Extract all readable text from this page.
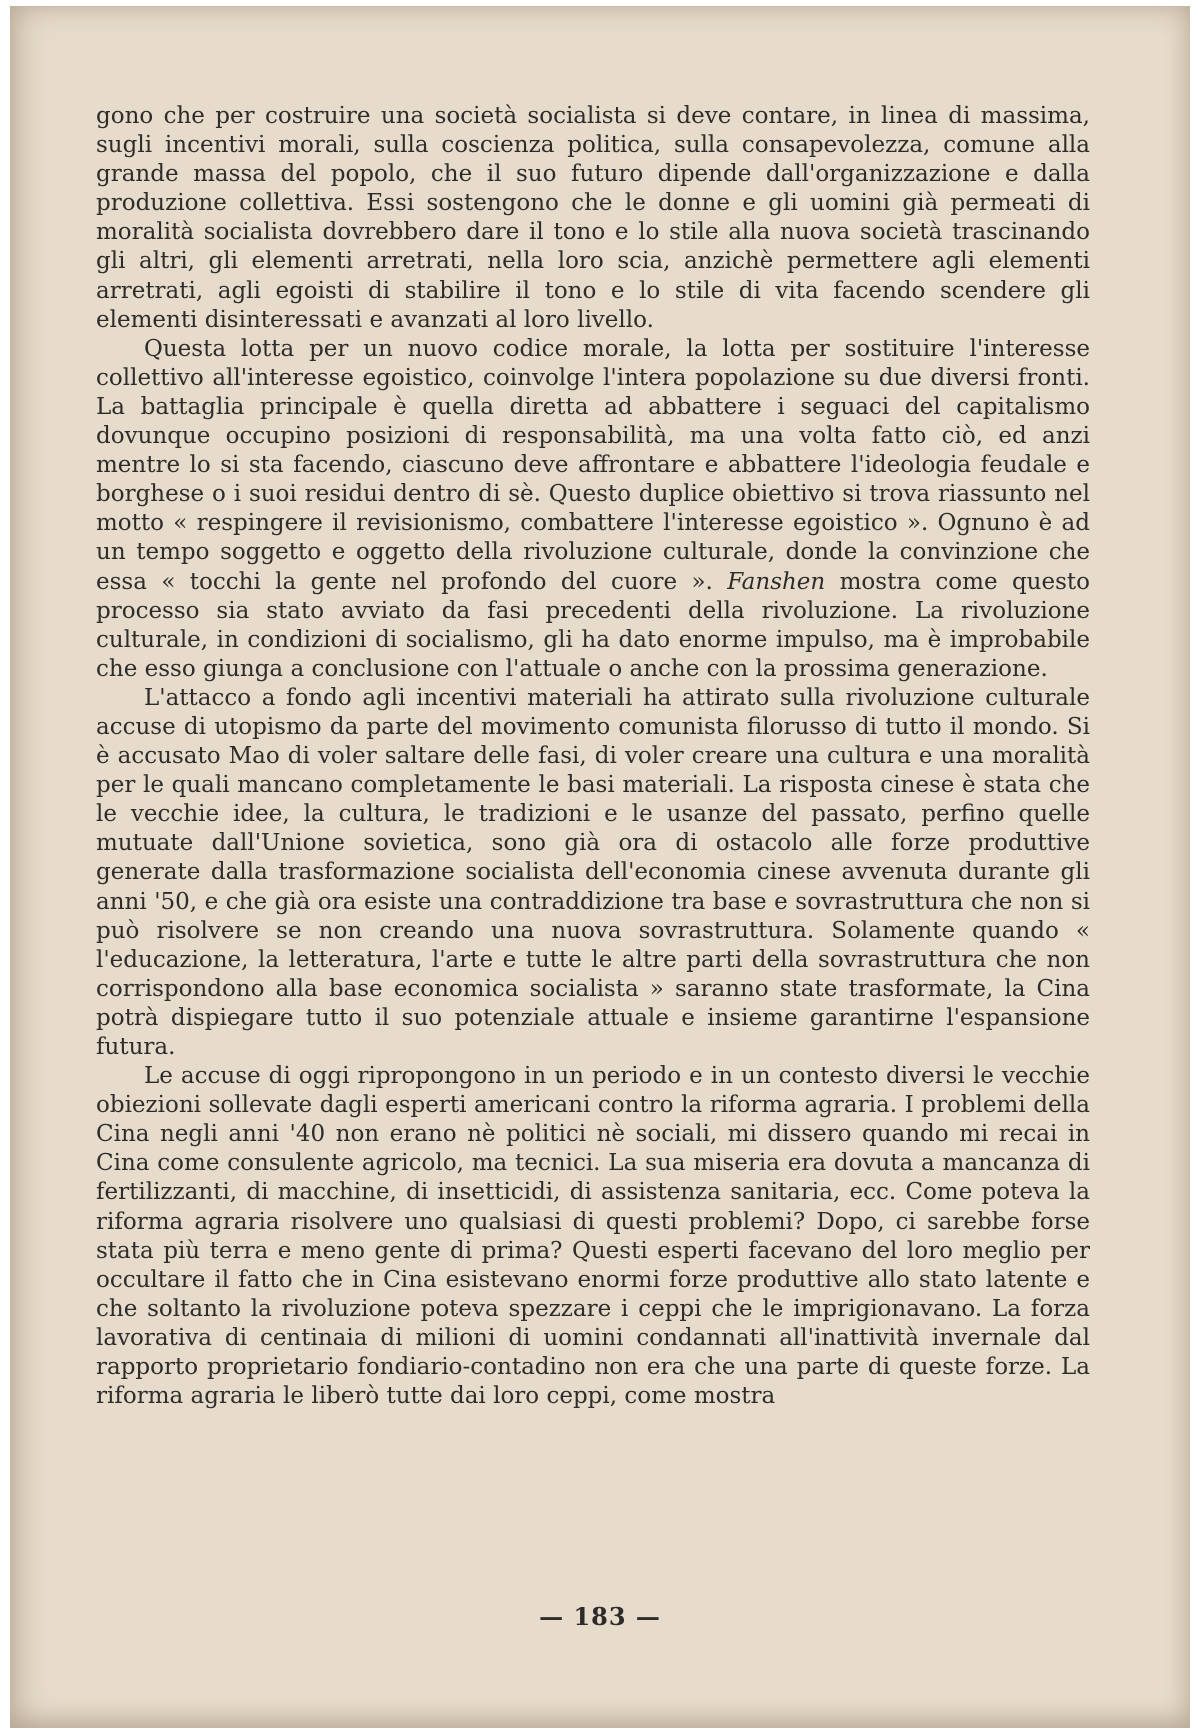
gono che per costruire una società socialista si deve contare, in linea di massima, sugli incentivi morali, sulla coscienza politica, sulla consapevolezza, comune alla grande massa del popolo, che il suo futuro dipende dall'organizzazione e dalla produzione collettiva. Essi sostengono che le donne e gli uomini già permeati di moralità socialista dovrebbero dare il tono e lo stile alla nuova società trascinando gli altri, gli elementi arretrati, nella loro scia, anzichè permettere agli elementi arretrati, agli egoisti di stabilire il tono e lo stile di vita facendo scendere gli elementi disinteressati e avanzati al loro livello.

Questa lotta per un nuovo codice morale, la lotta per sostituire l'interesse collettivo all'interesse egoistico, coinvolge l'intera popolazione su due diversi fronti. La battaglia principale è quella diretta ad abbattere i seguaci del capitalismo dovunque occupino posizioni di responsabilità, ma una volta fatto ciò, ed anzi mentre lo si sta facendo, ciascuno deve affrontare e abbattere l'ideologia feudale e borghese o i suoi residui dentro di sè. Questo duplice obiettivo si trova riassunto nel motto « respingere il revisionismo, combattere l'interesse egoistico ». Ognuno è ad un tempo soggetto e oggetto della rivoluzione culturale, donde la convinzione che essa « tocchi la gente nel profondo del cuore ». Fanshen mostra come questo processo sia stato avviato da fasi precedenti della rivoluzione. La rivoluzione culturale, in condizioni di socialismo, gli ha dato enorme impulso, ma è improbabile che esso giunga a conclusione con l'attuale o anche con la prossima generazione.

L'attacco a fondo agli incentivi materiali ha attirato sulla rivoluzione culturale accuse di utopismo da parte del movimento comunista filorusso di tutto il mondo. Si è accusato Mao di voler saltare delle fasi, di voler creare una cultura e una moralità per le quali mancano completamente le basi materiali. La risposta cinese è stata che le vecchie idee, la cultura, le tradizioni e le usanze del passato, perfino quelle mutuate dall'Unione sovietica, sono già ora di ostacolo alle forze produttive generate dalla trasformazione socialista dell'economia cinese avvenuta durante gli anni '50, e che già ora esiste una contraddizione tra base e sovrastruttura che non si può risolvere se non creando una nuova sovrastruttura. Solamente quando « l'educazione, la letteratura, l'arte e tutte le altre parti della sovrastruttura che non corrispondono alla base economica socialista » saranno state trasformate, la Cina potrà dispiegare tutto il suo potenziale attuale e insieme garantirne l'espansione futura.

Le accuse di oggi ripropongono in un periodo e in un contesto diversi le vecchie obiezioni sollevate dagli esperti americani contro la riforma agraria. I problemi della Cina negli anni '40 non erano nè politici nè sociali, mi dissero quando mi recai in Cina come consulente agricolo, ma tecnici. La sua miseria era dovuta a mancanza di fertilizzanti, di macchine, di insetticidi, di assistenza sanitaria, ecc. Come poteva la riforma agraria risolvere uno qualsiasi di questi problemi? Dopo, ci sarebbe forse stata più terra e meno gente di prima? Questi esperti facevano del loro meglio per occultare il fatto che in Cina esistevano enormi forze produttive allo stato latente e che soltanto la rivoluzione poteva spezzare i ceppi che le imprigionavano. La forza lavorativa di centinaia di milioni di uomini condannati all'inattività invernale dal rapporto proprietario fondiario-contadino non era che una parte di queste forze. La riforma agraria le liberò tutte dai loro ceppi, come mostra

— 183 —
